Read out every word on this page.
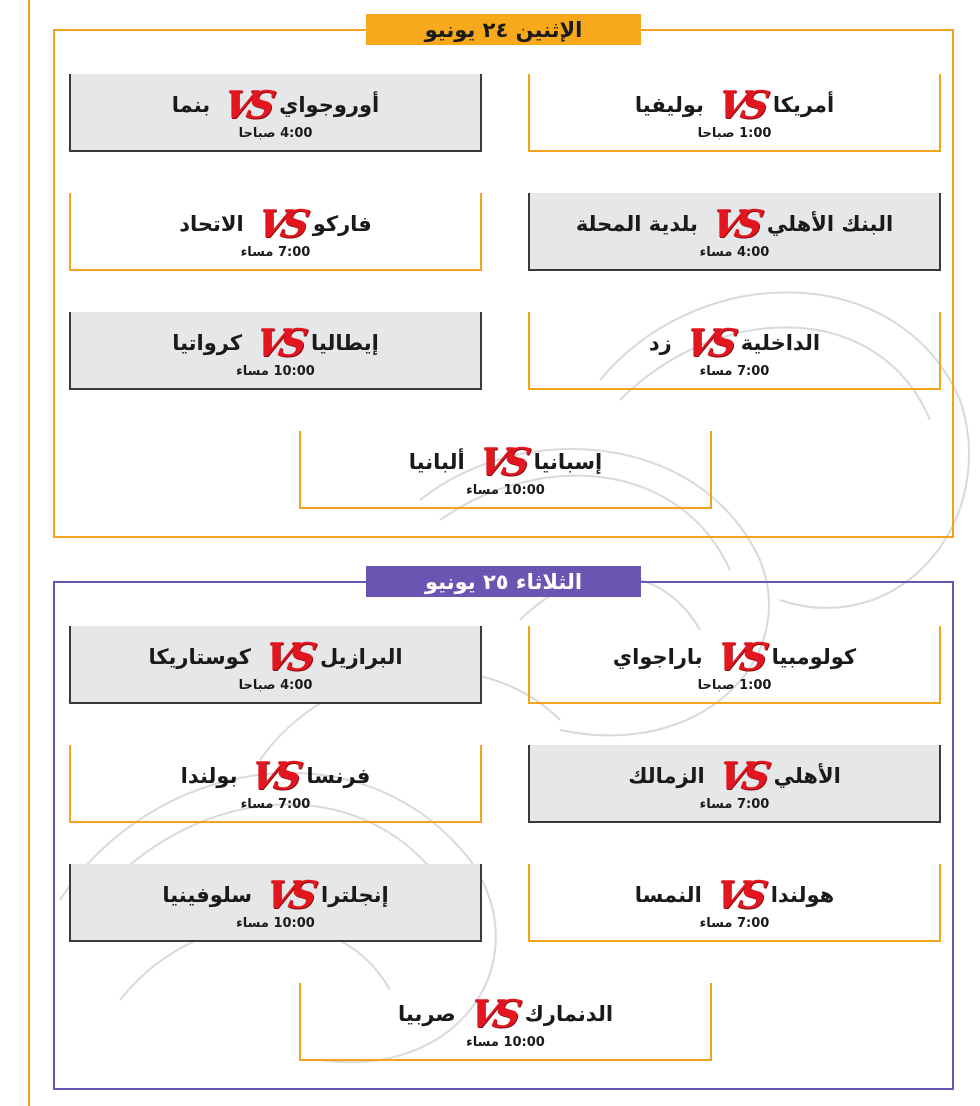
الإثنين ٢٤ يونيو
الثلاثاء ٢٥ يونيو
أمريكا
VS
بوليفيا
1:00 صباحا
أوروجواي
VS
بنما
4:00 صباحا
البنك الأهلي
VS
بلدية المحلة
4:00 مساء
فاركو
VS
الاتحاد
7:00 مساء
الداخلية
VS
زد
7:00 مساء
إيطاليا
VS
كرواتيا
10:00 مساء
إسبانيا
VS
ألبانيا
10:00 مساء
كولومبيا
VS
باراجواي
1:00 صباحا
البرازيل
VS
كوستاريكا
4:00 صباحا
الأهلي
VS
الزمالك
7:00 مساء
فرنسا
VS
بولندا
7:00 مساء
هولندا
VS
النمسا
7:00 مساء
إنجلترا
VS
سلوفينيا
10:00 مساء
الدنمارك
VS
صربيا
10:00 مساء
